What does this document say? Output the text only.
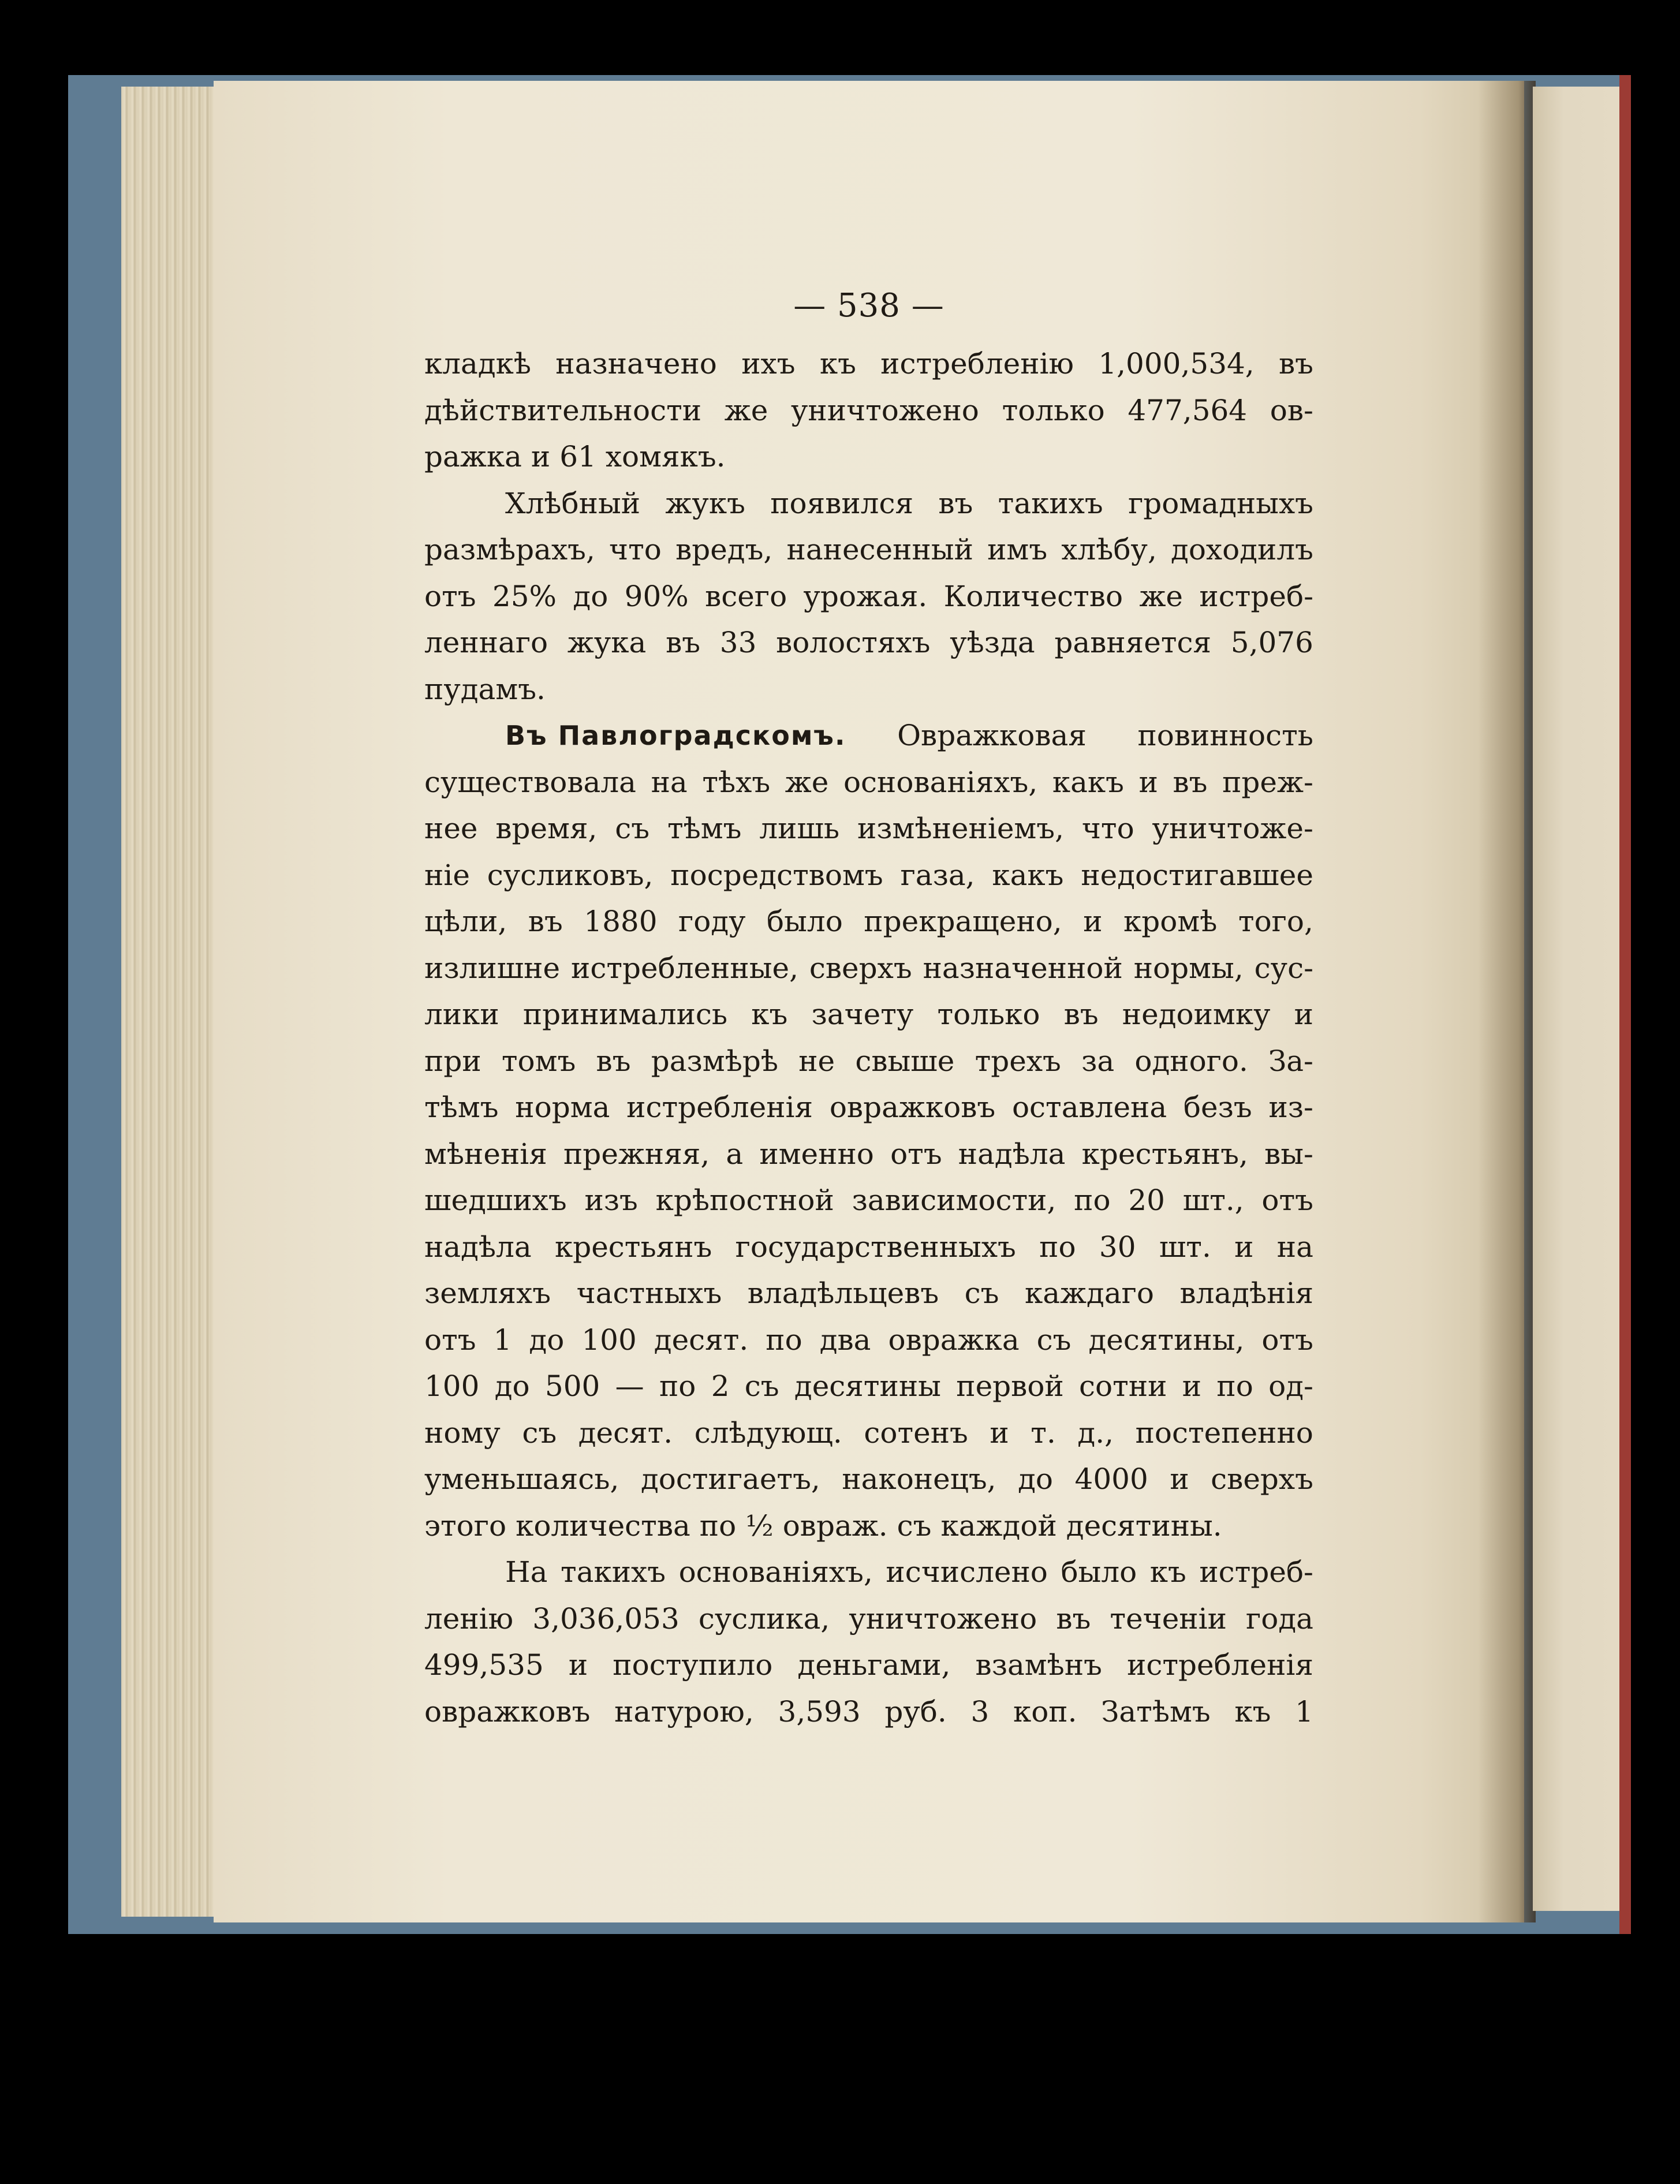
— 538 —
кладкѣ назначено ихъ къ истребленію 1,000,534, въ
дѣйствительности же уничтожено только 477,564 ов-
ражка и 61 хомякъ.
Хлѣбный жукъ появился въ такихъ громадныхъ
размѣрахъ, что вредъ, нанесенный имъ хлѣбу, доходилъ
отъ 25% до 90% всего урожая. Количество же истреб-
леннаго жука въ 33 волостяхъ уѣзда равняется 5,076
пудамъ.
Въ Павлоградскомъ. Овражковая повинность
существовала на тѣхъ же основаніяхъ, какъ и въ преж-
нее время, съ тѣмъ лишь измѣненіемъ, что уничтоже-
ніе сусликовъ, посредствомъ газа, какъ недостигавшее
цѣли, въ 1880 году было прекращено, и кромѣ того,
излишне истребленные, сверхъ назначенной нормы, сус-
лики принимались къ зачету только въ недоимку и
при томъ въ размѣрѣ не свыше трехъ за одного. За-
тѣмъ норма истребленія овражковъ оставлена безъ из-
мѣненія прежняя, а именно отъ надѣла крестьянъ, вы-
шедшихъ изъ крѣпостной зависимости, по 20 шт., отъ
надѣла крестьянъ государственныхъ по 30 шт. и на
земляхъ частныхъ владѣльцевъ съ каждаго владѣнія
отъ 1 до 100 десят. по два овражка съ десятины, отъ
100 до 500 — по 2 съ десятины первой сотни и по од-
ному съ десят. слѣдующ. сотенъ и т. д., постепенно
уменьшаясь, достигаетъ, наконецъ, до 4000 и сверхъ
этого количества по ½ овраж. съ каждой десятины.
На такихъ основаніяхъ, исчислено было къ истреб-
ленію 3,036,053 суслика, уничтожено въ теченіи года
499,535 и поступило деньгами, взамѣнъ истребленія
овражковъ натурою, 3,593 руб. 3 коп. Затѣмъ къ 1
